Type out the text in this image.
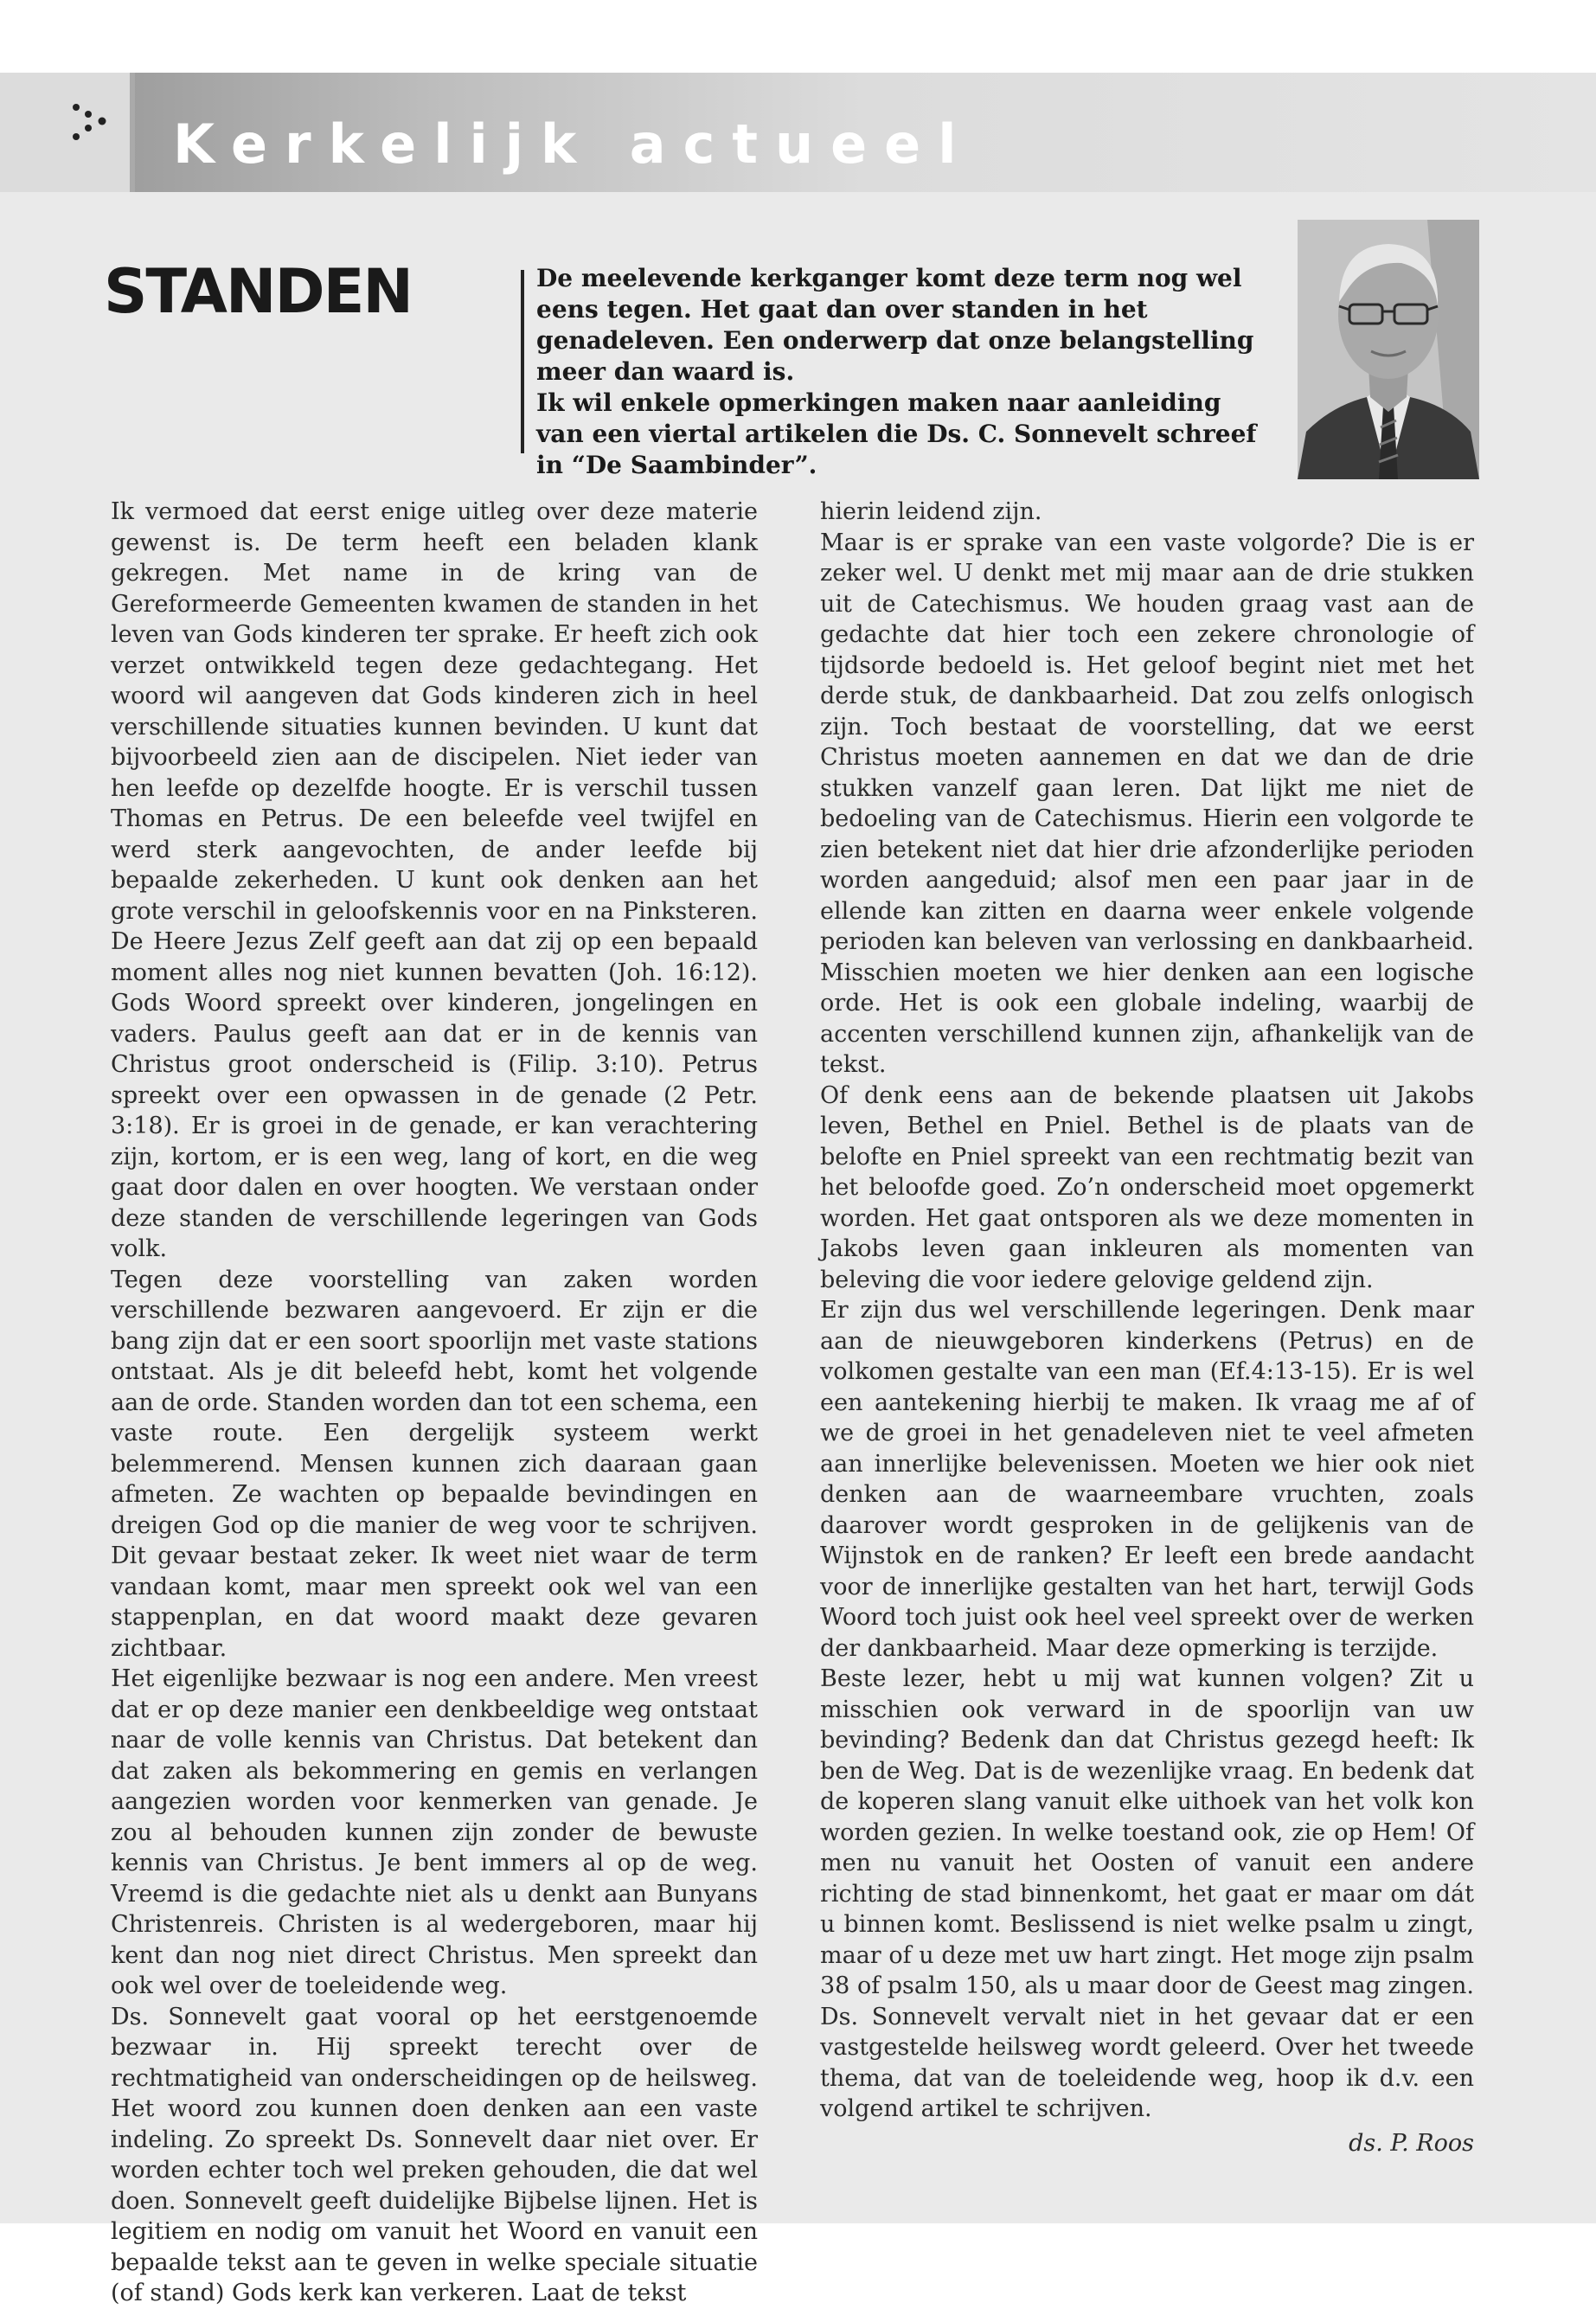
Kerkelijk actueel
STANDEN	De meelevende kerkganger komt deze term nog wel eens tegen. Het gaat dan over standen in het genadeleven. Een onderwerp dat onze belangstelling meer dan waard is.

Ik wil enkele opmerkingen maken naar aanleiding van een viertal artikelen die Ds. C. Sonnevelt schreef in “De Saambinder”.

Ik vermoed dat eerst enige uitleg over deze materie gewenst is. De term heeft een beladen klank gekregen. Met name in de kring van de Gereformeerde Gemeenten kwamen de standen in het leven van Gods kinderen ter sprake. Er heeft zich ook verzet ontwikkeld tegen deze gedachtegang. Het woord wil aangeven dat Gods kinderen zich in heel verschillende situaties kunnen bevinden. U kunt dat bijvoorbeeld zien aan de discipelen. Niet ieder van hen leefde op dezelfde hoogte. Er is verschil tussen Thomas en Petrus. De een beleefde veel twijfel en werd sterk aangevochten, de ander leefde bij bepaalde zekerheden. U kunt ook denken aan het grote verschil in geloofskennis voor en na Pinksteren. De Heere Jezus Zelf geeft aan dat zij op een bepaald moment alles nog niet kunnen bevatten (Joh. 16:12). Gods Woord spreekt over kinderen, jongelingen en vaders. Paulus geeft aan dat er in de kennis van Christus groot onderscheid is (Filip. 3:10). Petrus spreekt over een opwassen in de genade (2 Petr. 3:18). Er is groei in de genade, er kan verachtering zijn, kortom, er is een weg, lang of kort, en die weg gaat door dalen en over hoogten. We verstaan onder deze standen de verschillende legeringen van Gods volk.

Tegen deze voorstelling van zaken worden verschillende bezwaren aangevoerd. Er zijn er die bang zijn dat er een soort spoorlijn met vaste stations ontstaat. Als je dit beleefd hebt, komt het volgende aan de orde. Standen worden dan tot een schema, een vaste route. Een dergelijk systeem werkt belemmerend. Mensen kunnen zich daaraan gaan afmeten. Ze wachten op bepaalde bevindingen en dreigen God op die manier de weg voor te schrijven. Dit gevaar bestaat zeker. Ik weet niet waar de term vandaan komt, maar men spreekt ook wel van een stappenplan, en dat woord maakt deze gevaren zichtbaar.

Het eigenlijke bezwaar is nog een andere. Men vreest dat er op deze manier een denkbeeldige weg ontstaat naar de volle kennis van Christus. Dat betekent dan dat zaken als bekommering en gemis en verlangen aangezien worden voor kenmerken van genade. Je zou al behouden kunnen zijn zonder de bewuste kennis van Christus. Je bent immers al op de weg. Vreemd is die gedachte niet als u denkt aan Bunyans Christenreis. Christen is al wedergeboren, maar hij kent dan nog niet direct Christus. Men spreekt dan ook wel over de toeleidende weg.

Ds. Sonnevelt gaat vooral op het eerstgenoemde bezwaar in. Hij spreekt terecht over de rechtmatigheid van onderscheidingen op de heilsweg. Het woord zou kunnen doen denken aan een vaste indeling. Zo spreekt Ds. Sonnevelt daar niet over. Er worden echter toch wel preken gehouden, die dat wel doen. Sonnevelt geeft duidelijke Bijbelse lijnen. Het is legitiem en nodig om vanuit het Woord en vanuit een bepaalde tekst aan te geven in welke speciale situatie (of stand) Gods kerk kan verkeren. Laat de tekst

hierin leidend zijn.

Maar is er sprake van een vaste volgorde? Die is er zeker wel. U denkt met mij maar aan de drie stukken uit de Catechismus. We houden graag vast aan de gedachte dat hier toch een zekere chronologie of tijdsorde bedoeld is. Het geloof begint niet met het derde stuk, de dankbaarheid. Dat zou zelfs onlogisch zijn. Toch bestaat de voorstelling, dat we eerst Christus moeten aannemen en dat we dan de drie stukken vanzelf gaan leren. Dat lijkt me niet de bedoeling van de Catechismus. Hierin een volgorde te zien betekent niet dat hier drie afzonderlijke perioden worden aangeduid; alsof men een paar jaar in de ellende kan zitten en daarna weer enkele volgende perioden kan beleven van verlossing en dankbaarheid. Misschien moeten we hier denken aan een logische orde. Het is ook een globale indeling, waarbij de accenten verschillend kunnen zijn, afhankelijk van de tekst.

Of denk eens aan de bekende plaatsen uit Jakobs leven, Bethel en Pniel. Bethel is de plaats van de belofte en Pniel spreekt van een rechtmatig bezit van het beloofde goed. Zo’n onderscheid moet opgemerkt worden. Het gaat ontsporen als we deze momenten in Jakobs leven gaan inkleuren als momenten van beleving die voor iedere gelovige geldend zijn.

Er zijn dus wel verschillende legeringen. Denk maar aan de nieuwgeboren kinderkens (Petrus) en de volkomen gestalte van een man (Ef.4:13-15). Er is wel een aantekening hierbij te maken. Ik vraag me af of we de groei in het genadeleven niet te veel afmeten aan innerlijke belevenissen. Moeten we hier ook niet denken aan de waarneembare vruchten, zoals daarover wordt gesproken in de gelijkenis van de Wijnstok en de ranken? Er leeft een brede aandacht voor de innerlijke gestalten van het hart, terwijl Gods Woord toch juist ook heel veel spreekt over de werken der dankbaarheid. Maar deze opmerking is terzijde.

Beste lezer, hebt u mij wat kunnen volgen? Zit u misschien ook verward in de spoorlijn van uw bevinding? Bedenk dan dat Christus gezegd heeft: Ik ben de Weg. Dat is de wezenlijke vraag. En bedenk dat de koperen slang vanuit elke uithoek van het volk kon worden gezien. In welke toestand ook, zie op Hem! Of men nu vanuit het Oosten of vanuit een andere richting de stad binnenkomt, het gaat er maar om dát u binnen komt. Beslissend is niet welke psalm u zingt, maar of u deze met uw hart zingt. Het moge zijn psalm 38 of psalm 150, als u maar door de Geest mag zingen.

Ds. Sonnevelt vervalt niet in het gevaar dat er een vastgestelde heilsweg wordt geleerd. Over het tweede thema, dat van de toeleidende weg, hoop ik d.v. een volgend artikel te schrijven.

ds. P. Roos
